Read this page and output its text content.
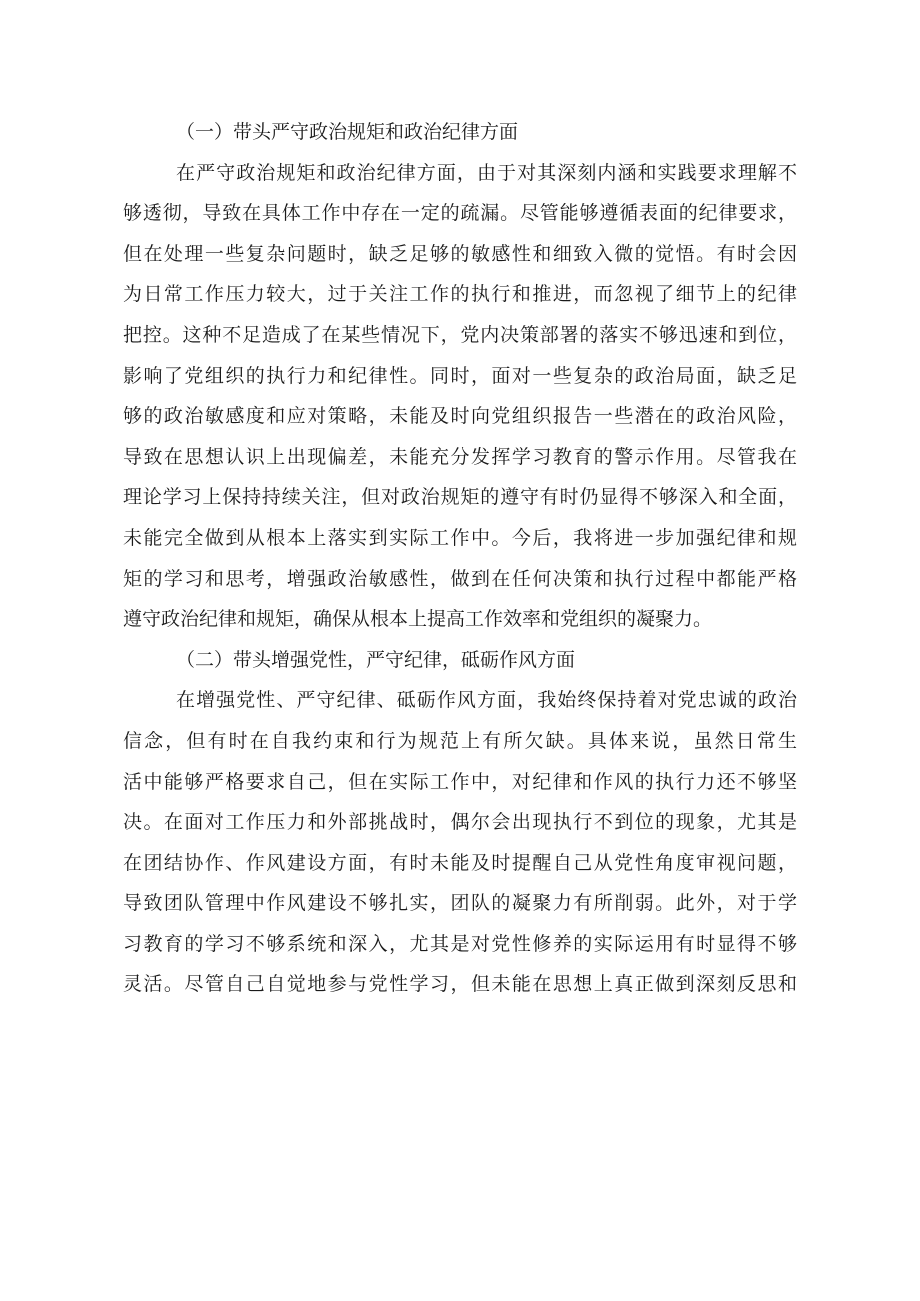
（一）带头严守政治规矩和政治纪律方面

在严守政治规矩和政治纪律方面，由于对其深刻内涵和实践要求理解不
够透彻，导致在具体工作中存在一定的疏漏。尽管能够遵循表面的纪律要求，
但在处理一些复杂问题时，缺乏足够的敏感性和细致入微的觉悟。有时会因
为日常工作压力较大，过于关注工作的执行和推进，而忽视了细节上的纪律
把控。这种不足造成了在某些情况下，党内决策部署的落实不够迅速和到位，
影响了党组织的执行力和纪律性。同时，面对一些复杂的政治局面，缺乏足
够的政治敏感度和应对策略，未能及时向党组织报告一些潜在的政治风险，
导致在思想认识上出现偏差，未能充分发挥学习教育的警示作用。尽管我在
理论学习上保持持续关注，但对政治规矩的遵守有时仍显得不够深入和全面，
未能完全做到从根本上落实到实际工作中。今后，我将进一步加强纪律和规
矩的学习和思考，增强政治敏感性，做到在任何决策和执行过程中都能严格
遵守政治纪律和规矩，确保从根本上提高工作效率和党组织的凝聚力。

（二）带头增强党性，严守纪律，砥砺作风方面

在增强党性、严守纪律、砥砺作风方面，我始终保持着对党忠诚的政治
信念，但有时在自我约束和行为规范上有所欠缺。具体来说，虽然日常生
活中能够严格要求自己，但在实际工作中，对纪律和作风的执行力还不够坚
决。在面对工作压力和外部挑战时，偶尔会出现执行不到位的现象，尤其是
在团结协作、作风建设方面，有时未能及时提醒自己从党性角度审视问题，
导致团队管理中作风建设不够扎实，团队的凝聚力有所削弱。此外，对于学
习教育的学习不够系统和深入，尤其是对党性修养的实际运用有时显得不够
灵活。尽管自己自觉地参与党性学习，但未能在思想上真正做到深刻反思和
